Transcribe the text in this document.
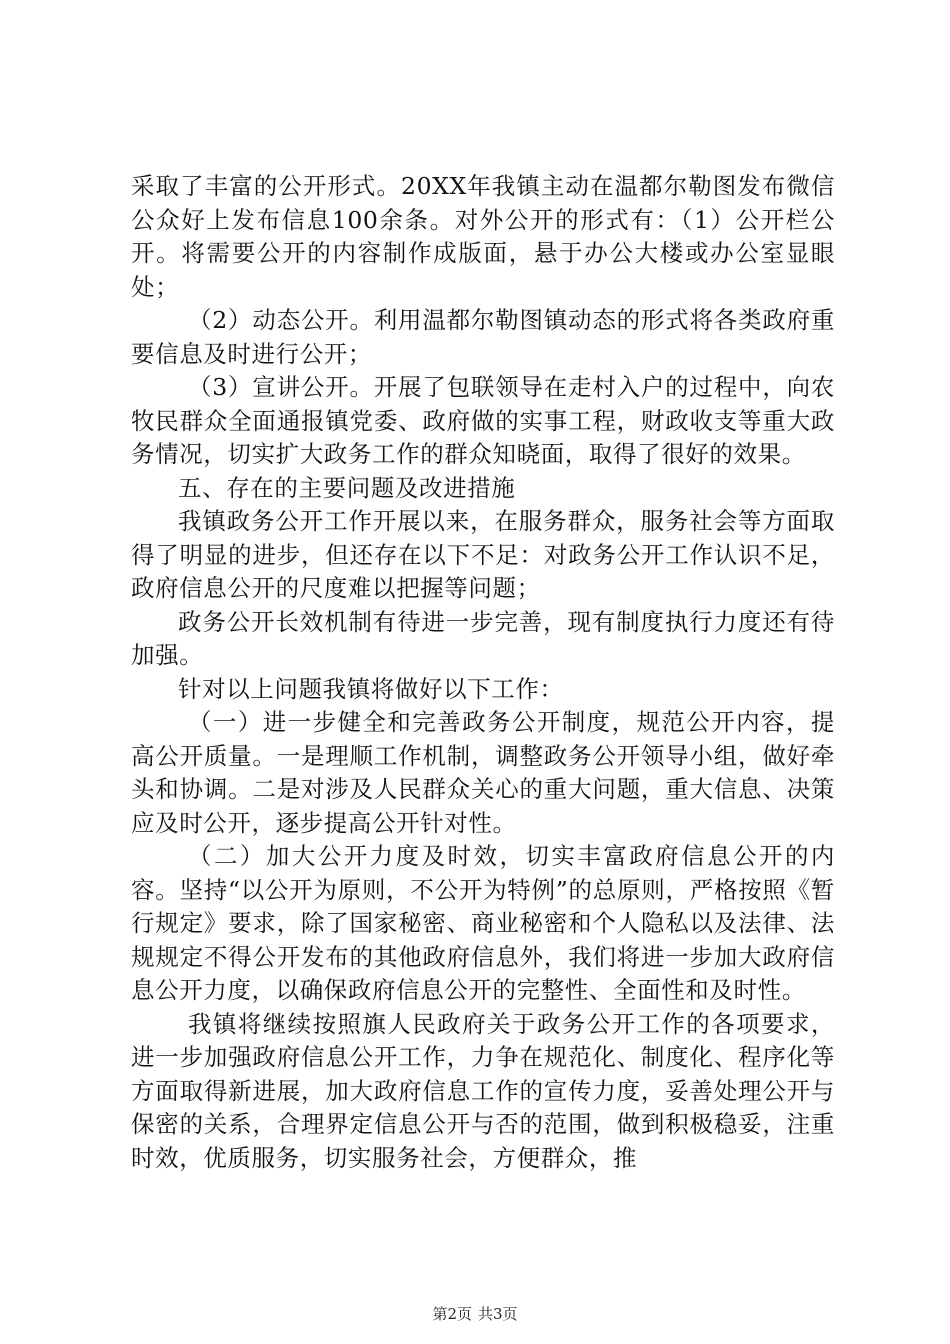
采取了丰富的公开形式。20XX年我镇主动在温都尔勒图发布微信公众好上发布信息100余条。对外公开的形式有：（1）公开栏公开。将需要公开的内容制作成版面，悬于办公大楼或办公室显眼处；

（2）动态公开。利用温都尔勒图镇动态的形式将各类政府重要信息及时进行公开；

（3）宣讲公开。开展了包联领导在走村入户的过程中，向农牧民群众全面通报镇党委、政府做的实事工程，财政收支等重大政务情况，切实扩大政务工作的群众知晓面，取得了很好的效果。

五、存在的主要问题及改进措施

我镇政务公开工作开展以来，在服务群众，服务社会等方面取得了明显的进步，但还存在以下不足：对政务公开工作认识不足，政府信息公开的尺度难以把握等问题；

政务公开长效机制有待进一步完善，现有制度执行力度还有待加强。

针对以上问题我镇将做好以下工作：

（一）进一步健全和完善政务公开制度，规范公开内容，提高公开质量。一是理顺工作机制，调整政务公开领导小组，做好牵头和协调。二是对涉及人民群众关心的重大问题，重大信息、决策应及时公开，逐步提高公开针对性。

（二）加大公开力度及时效，切实丰富政府信息公开的内容。坚持“以公开为原则，不公开为特例”的总原则，严格按照《暂行规定》要求，除了国家秘密、商业秘密和个人隐私以及法律、法规规定不得公开发布的其他政府信息外，我们将进一步加大政府信息公开力度，以确保政府信息公开的完整性、全面性和及时性。

我镇将继续按照旗人民政府关于政务公开工作的各项要求，进一步加强政府信息公开工作，力争在规范化、制度化、程序化等方面取得新进展，加大政府信息工作的宣传力度，妥善处理公开与保密的关系，合理界定信息公开与否的范围，做到积极稳妥，注重时效，优质服务，切实服务社会，方便群众，推

第2页 共3页
